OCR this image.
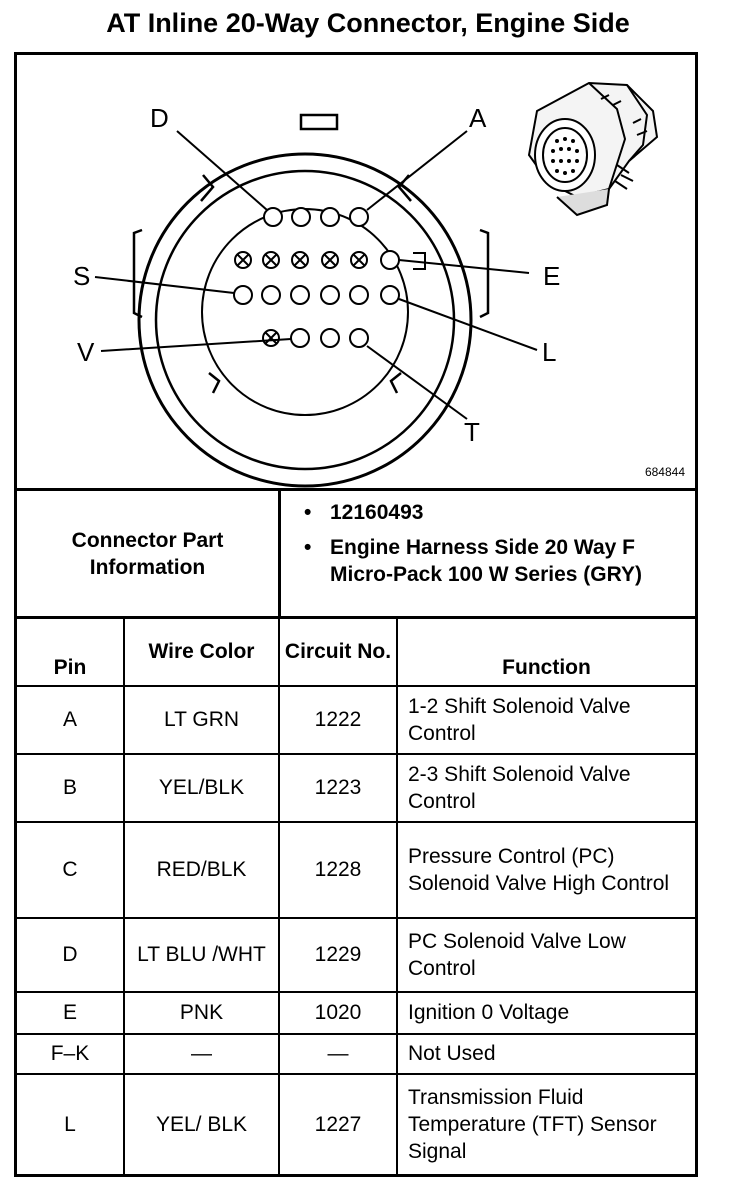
AT Inline 20-Way Connector, Engine Side
D	A
S	E
V	L
T
684844
Connector Part Information
• 12160493
• Engine Harness Side 20 Way F Micro-Pack 100 W Series (GRY)
Pin	Wire Color	Circuit No.	Function
A	LT GRN	1222	1-2 Shift Solenoid Valve Control
B	YEL/BLK	1223	2-3 Shift Solenoid Valve Control
C	RED/BLK	1228	Pressure Control (PC) Solenoid Valve High Control
D	LT BLU /WHT	1229	PC Solenoid Valve Low Control
E	PNK	1020	Ignition 0 Voltage
F–K	—	—	Not Used
L	YEL/ BLK	1227	Transmission Fluid Temperature (TFT) Sensor Signal
